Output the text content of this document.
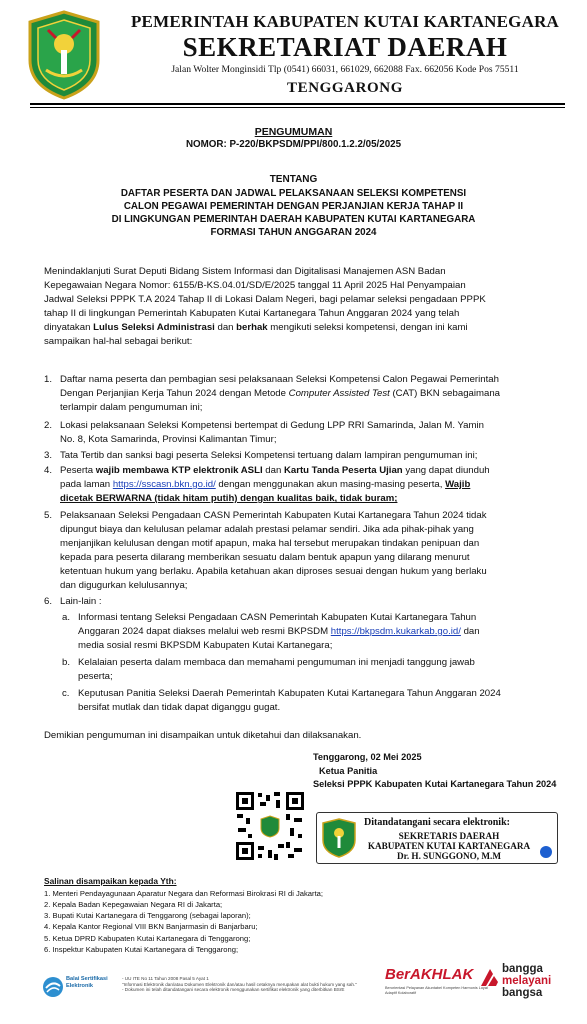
PEMERINTAH KABUPATEN KUTAI KARTANEGARA
SEKRETARIAT DAERAH
Jalan Wolter Monginsidi Tlp (0541) 66031, 661029, 662088 Fax. 662056 Kode Pos 75511
TENGGARONG
PENGUMUMAN
NOMOR: P-220/BKPSDM/PPI/800.1.2.2/05/2025
TENTANG
DAFTAR PESERTA DAN JADWAL PELAKSANAAN SELEKSI KOMPETENSI
CALON PEGAWAI PEMERINTAH DENGAN PERJANJIAN KERJA TAHAP II
DI LINGKUNGAN PEMERINTAH DAERAH KABUPATEN KUTAI KARTANEGARA
FORMASI TAHUN ANGGARAN 2024
Menindaklanjuti Surat Deputi Bidang Sistem Informasi dan Digitalisasi Manajemen ASN Badan
Kepegawaian Negara Nomor: 6155/B-KS.04.01/SD/E/2025 tanggal 11 April 2025 Hal Penyampaian
Jadwal Seleksi PPPK T.A 2024 Tahap II di Lokasi Dalam Negeri, bagi pelamar seleksi pengadaan PPPK
tahap II di lingkungan Pemerintah Kabupaten Kutai Kartanegara Tahun Anggaran 2024 yang telah
dinyatakan Lulus Seleksi Administrasi dan berhak mengikuti seleksi kompetensi, dengan ini kami
sampaikan hal-hal sebagai berikut:
1. Daftar nama peserta dan pembagian sesi pelaksanaan Seleksi Kompetensi Calon Pegawai Pemerintah
Dengan Perjanjian Kerja Tahun 2024 dengan Metode Computer Assisted Test (CAT) BKN sebagaimana
terlampir dalam pengumuman ini;
2. Lokasi pelaksanaan Seleksi Kompetensi bertempat di Gedung LPP RRI Samarinda, Jalan M. Yamin
No. 8, Kota Samarinda, Provinsi Kalimantan Timur;
3. Tata Tertib dan sanksi bagi peserta Seleksi Kompetensi tertuang dalam lampiran pengumuman ini;
4. Peserta wajib membawa KTP elektronik ASLI dan Kartu Tanda Peserta Ujian yang dapat diunduh
pada laman https://sscasn.bkn.go.id/ dengan menggunakan akun masing-masing peserta, Wajib
dicetak BERWARNA (tidak hitam putih) dengan kualitas baik, tidak buram;
5. Pelaksanaan Seleksi Pengadaan CASN Pemerintah Kabupaten Kutai Kartanegara Tahun 2024 tidak
dipungut biaya dan kelulusan pelamar adalah prestasi pelamar sendiri. Jika ada pihak-pihak yang
menjanjikan kelulusan dengan motif apapun, maka hal tersebut merupakan tindakan penipuan dan
kepada para peserta dilarang memberikan sesuatu dalam bentuk apapun yang dilarang menurut
ketentuan hukum yang berlaku. Apabila ketahuan akan diproses sesuai dengan hukum yang berlaku
dan digugurkan kelulusannya;
6. Lain-lain :
a. Informasi tentang Seleksi Pengadaan CASN Pemerintah Kabupaten Kutai Kartanegara Tahun
Anggaran 2024 dapat diakses melalui web resmi BKPSDM https://bkpsdm.kukarkab.go.id/ dan
media sosial resmi BKPSDM Kabupaten Kutai Kartanegara;
b. Kelalaian peserta dalam membaca dan memahami pengumuman ini menjadi tanggung jawab
peserta;
c. Keputusan Panitia Seleksi Daerah Pemerintah Kabupaten Kutai Kartanegara Tahun Anggaran 2024
bersifat mutlak dan tidak dapat diganggu gugat.
Demikian pengumuman ini disampaikan untuk diketahui dan dilaksanakan.
Tenggarong, 02 Mei 2025
Ketua Panitia
Seleksi PPPK Kabupaten Kutai Kartanegara Tahun 2024
Ditandatangani secara elektronik:
SEKRETARIS DAERAH
KABUPATEN KUTAI KARTANEGARA
Dr. H. SUNGGONO, M.M
Salinan disampaikan kepada Yth:
1. Menteri Pendayagunaan Aparatur Negara dan Reformasi Birokrasi RI di Jakarta;
2. Kepala Badan Kepegawaian Negara RI di Jakarta;
3. Bupati Kutai Kartanegara di Tenggarong (sebagai laporan);
4. Kepala Kantor Regional VIII BKN Banjarmasin di Banjarbaru;
5. Ketua DPRD Kabupaten Kutai Kartanegara di Tenggarong;
6. Inspektur Kabupaten Kutai Kartanegara di Tenggarong;
Balai Sertifikasi Elektronik
- UU ITE No 11 Tahun 2008 Pasal 5 Ayat 1
"Informasi Elektronik dan/atau Dokumen Elektronik dan/atau hasil cetaknya merupakan alat bukti hukum yang sah."
- Dokumen ini telah ditandatangani secara elektronik menggunakan sertifikat elektronik yang diterbitkan BSrE
BerAKHLAK
Berorientasi Pelayanan Akuntabel Kompeten Harmonis Loyal Adaptif Kolaboratif
bangga
melayani
bangsa
